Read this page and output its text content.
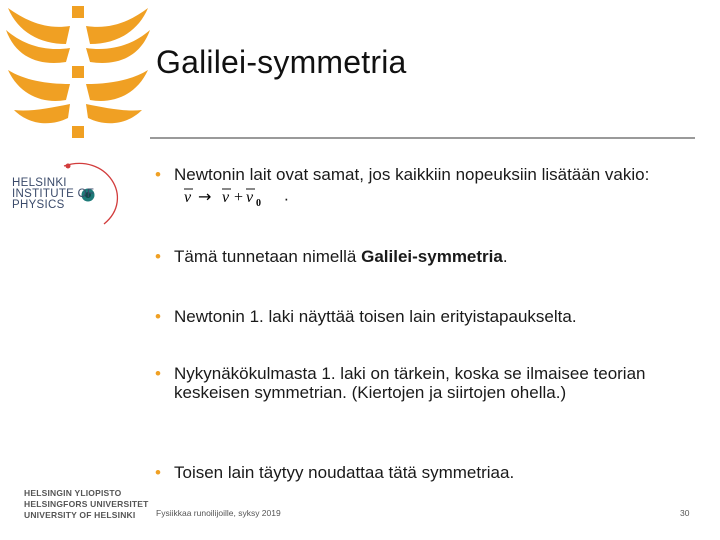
Galilei-symmetria
HELSINKI
INSTITUTE OF
PHYSICS
HELSINGIN YLIOPISTO
HELSINGFORS UNIVERSITET
UNIVERSITY OF HELSINKI
• Newtonin lait ovat samat, jos kaikkiin nopeuksiin lisätään vakio:
v → v + v 0 .
• Tämä tunnetaan nimellä Galilei-symmetria.
• Newtonin 1. laki näyttää toisen lain erityistapaukselta.
• Nykynäkökulmasta 1. laki on tärkein, koska se ilmaisee teorian keskeisen symmetrian. (Kiertojen ja siirtojen ohella.)
• Toisen lain täytyy noudattaa tätä symmetriaa.
Fysiikkaa runoilijoille, syksy 2019	30
